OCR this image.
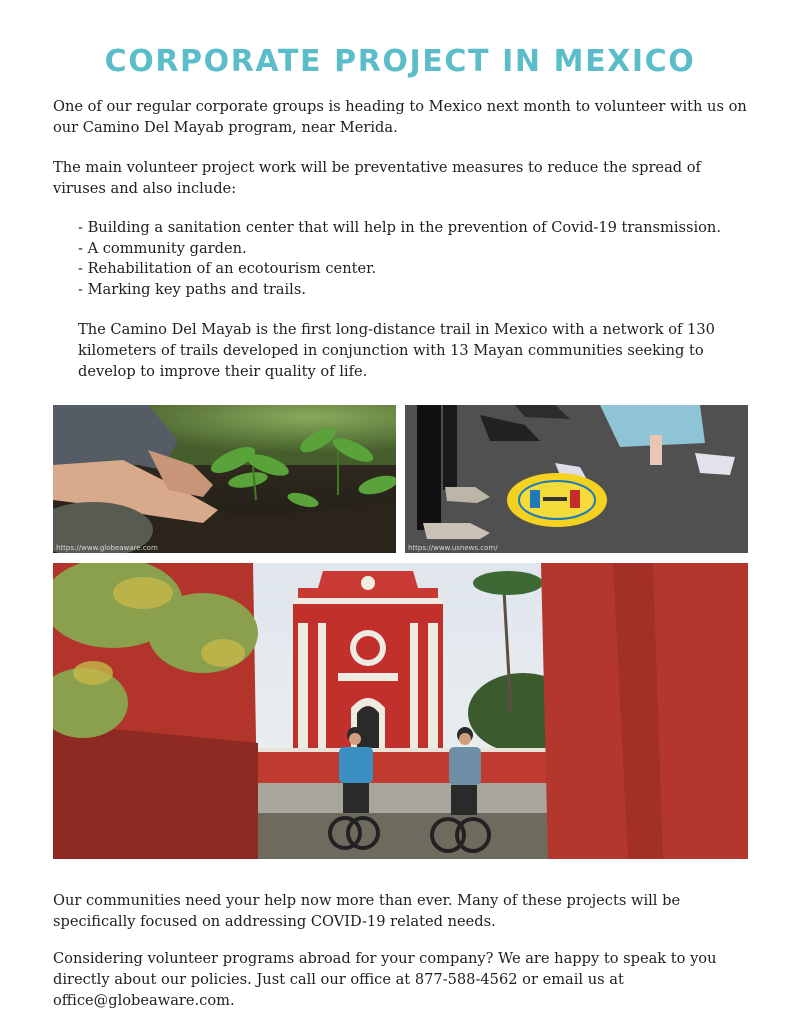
CORPORATE PROJECT IN MEXICO

One of our regular corporate groups is heading to Mexico next month to volunteer with us on our Camino Del Mayab program, near Merida.

The main volunteer project work will be preventative measures to reduce the spread of viruses and also include:

- Building a sanitation center that will help in the prevention of Covid-19 transmission.
- A community garden.
- Rehabilitation of an ecotourism center.
- Marking key paths and trails.

The Camino Del Mayab is the first long-distance trail in Mexico with a network of 130 kilometers of trails developed in conjunction with 13 Mayan communities seeking to develop to improve their quality of life.

https://www.globeaware.com	https://www.usnews.com/

Our communities need your help now more than ever. Many of these projects will be specifically focused on addressing COVID-19 related needs.

Considering volunteer programs abroad for your company? We are happy to speak to you directly about our policies. Just call our office at 877-588-4562 or email us at office@globeaware.com.
